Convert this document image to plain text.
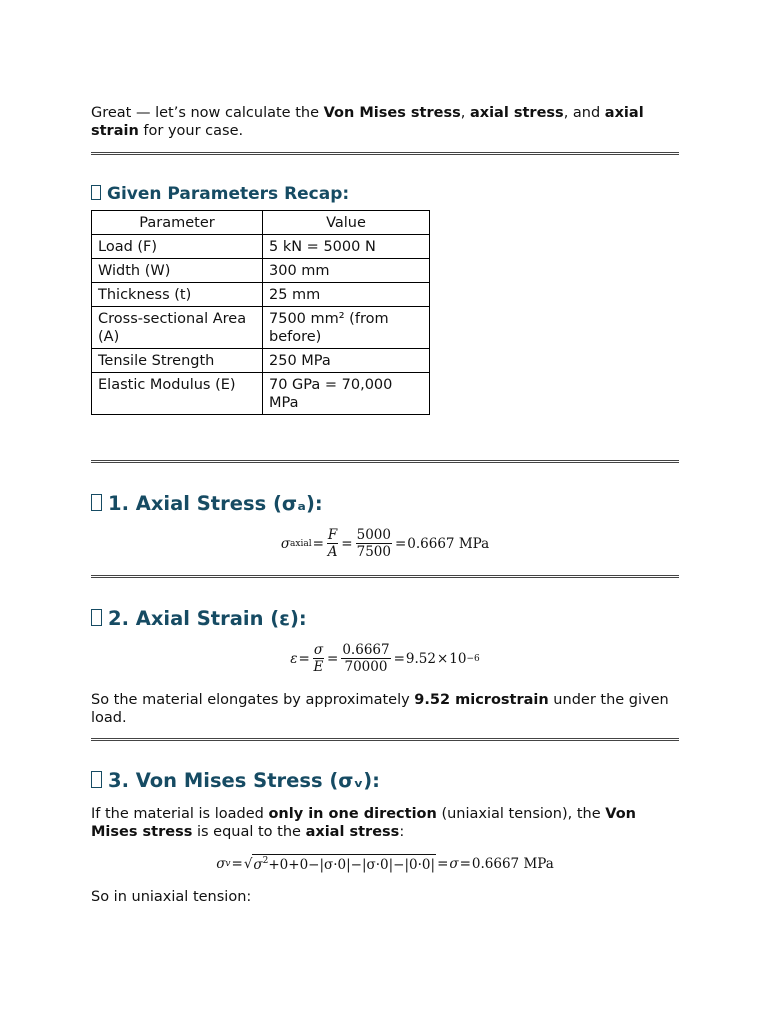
Great — let’s now calculate the Von Mises stress, axial stress, and axial strain for your case.

Given Parameters Recap:
Parameter	Value
Load (F)	5 kN = 5000 N
Width (W)	300 mm
Thickness (t)	25 mm
Cross-sectional Area (A)	7500 mm² (from before)
Tensile Strength	250 MPa
Elastic Modulus (E)	70 GPa = 70,000 MPa
1. Axial Stress (σₐ):
σ axial = $\frac{F}{A} = \frac{5000}{7500} = 0.6667$
MPa
2. Axial Strain (ε):
$\varepsilon = \frac{\sigma}{E} = \frac{0.6667}{70000} = 9.52 \times 10 -6$

So the material elongates by approximately 9.52 microstrain under the given load.

3. Von Mises Stress (σᵥ):

If the material is loaded only in one direction (uniaxial tension), the Von Mises stress is equal to the axial stress:

σ v = √ $\sigma^2+0+0-|\sigma\cdot 0|-|\sigma\cdot 0|-|0\cdot 0| = \sigma = 0.6667$
MPa

So in uniaxial tension:
